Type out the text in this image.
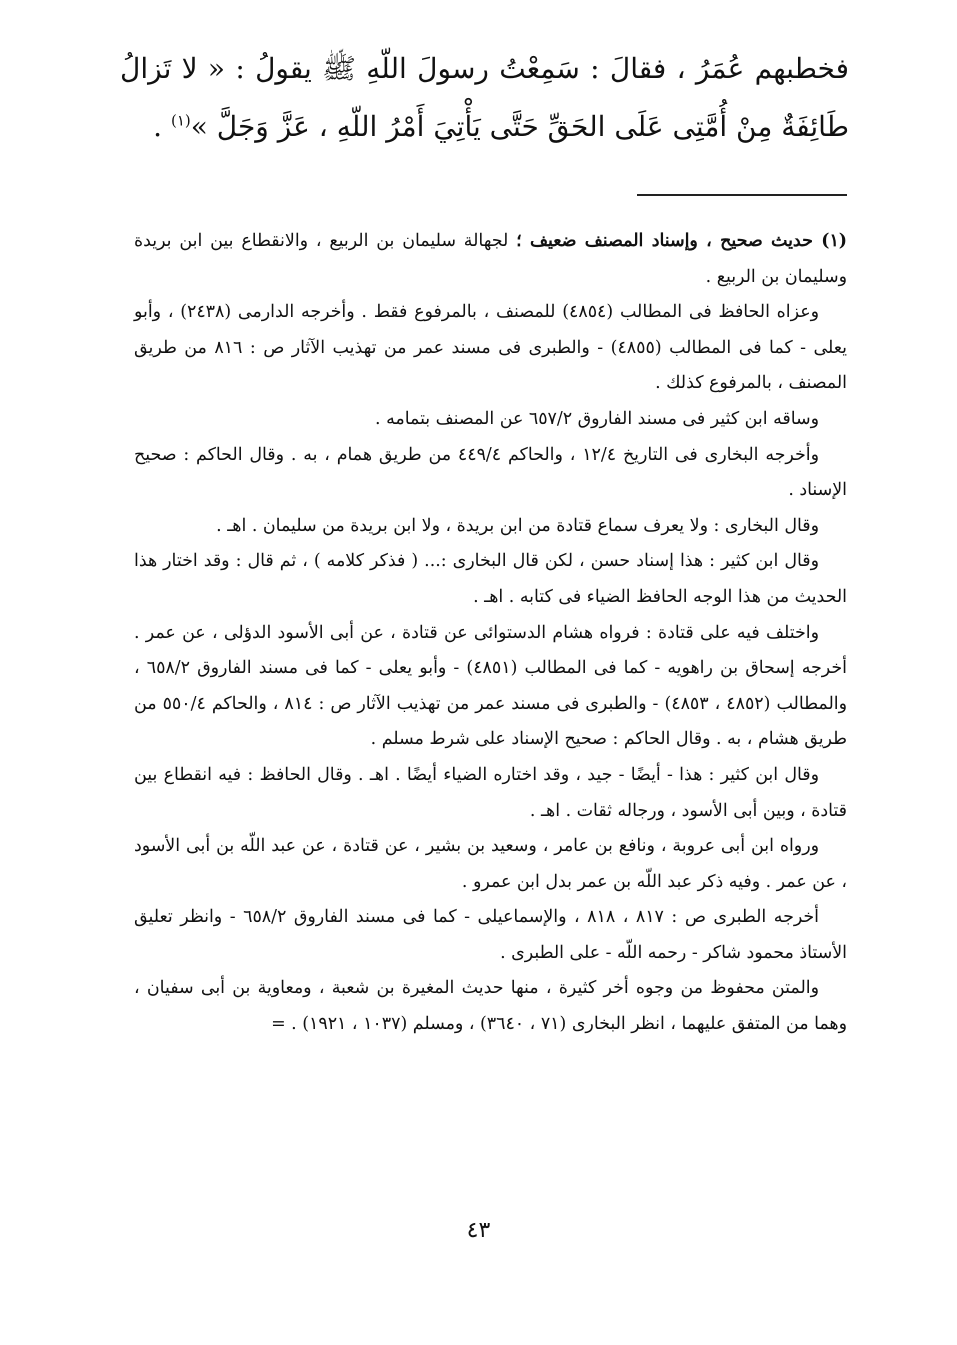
فخطبهم عُمَرُ ، فقالَ : سَمِعْتُ رسولَ اللّهِ ﷺ يقولُ : « لا تَزالُ طَائِفَةٌ مِنْ أُمَّتِى عَلَى الحَقِّ حَتَّى يَأْتِيَ أَمْرُ اللّهِ ، عَزَّ وَجَلَّ »$^{(١)}$ .

(١) حديث صحيح ، وإسناد المصنف ضعيف ؛ لجهالة سليمان بن الربيع ، والانقطاع بين ابن بريدة وسليمان بن الربيع .

وعزاه الحافظ فى المطالب (٤٨٥٤) للمصنف ، بالمرفوع فقط . وأخرجه الدارمى (٢٤٣٨) ، وأبو يعلى - كما فى المطالب (٤٨٥٥) - والطبرى فى مسند عمر من تهذيب الآثار ص : ٨١٦ من طريق المصنف ، بالمرفوع كذلك .

وساقه ابن كثير فى مسند الفاروق ٦٥٧/٢ عن المصنف بتمامه .

وأخرجه البخارى فى التاريخ ١٢/٤ ، والحاكم ٤٤٩/٤ من طريق همام ، به . وقال الحاكم : صحيح الإسناد .

وقال البخارى : ولا يعرف سماع قتادة من ابن بريدة ، ولا ابن بريدة من سليمان . اهـ .

وقال ابن كثير : هذا إسناد حسن ، لكن قال البخارى :... ( فذكر كلامه ) ، ثم قال : وقد اختار هذا الحديث من هذا الوجه الحافظ الضياء فى كتابه . اهـ .

واختلف فيه على قتادة : فرواه هشام الدستوائى عن قتادة ، عن أبى الأسود الدؤلى ، عن عمر . أخرجه إسحاق بن راهويه - كما فى المطالب (٤٨٥١) - وأبو يعلى - كما فى مسند الفاروق ٦٥٨/٢ ، والمطالب (٤٨٥٢ ، ٤٨٥٣) - والطبرى فى مسند عمر من تهذيب الآثار ص : ٨١٤ ، والحاكم ٥٥٠/٤ من طريق هشام ، به . وقال الحاكم : صحيح الإسناد على شرط مسلم .

وقال ابن كثير : هذا - أيضًا - جيد ، وقد اختاره الضياء أيضًا . اهـ . وقال الحافظ : فيه انقطاع بين قتادة ، وبين أبى الأسود ، ورجاله ثقات . اهـ .

ورواه ابن أبى عروبة ، ونافع بن عامر ، وسعيد بن بشير ، عن قتادة ، عن عبد اللّه بن أبى الأسود ، عن عمر . وفيه ذكر عبد اللّه بن عمر بدل ابن عمرو .

أخرجه الطبرى ص : ٨١٧ ، ٨١٨ ، والإسماعيلى - كما فى مسند الفاروق ٦٥٨/٢ - وانظر تعليق الأستاذ محمود شاكر - رحمه اللّه - على الطبرى .

والمتن محفوظ من وجوه أخر كثيرة ، منها حديث المغيرة بن شعبة ، ومعاوية بن أبى سفيان ، وهما من المتفق عليهما ، انظر البخارى (٧١ ، ٣٦٤٠) ، ومسلم (١٠٣٧ ، ١٩٢١) . =

٤٣
